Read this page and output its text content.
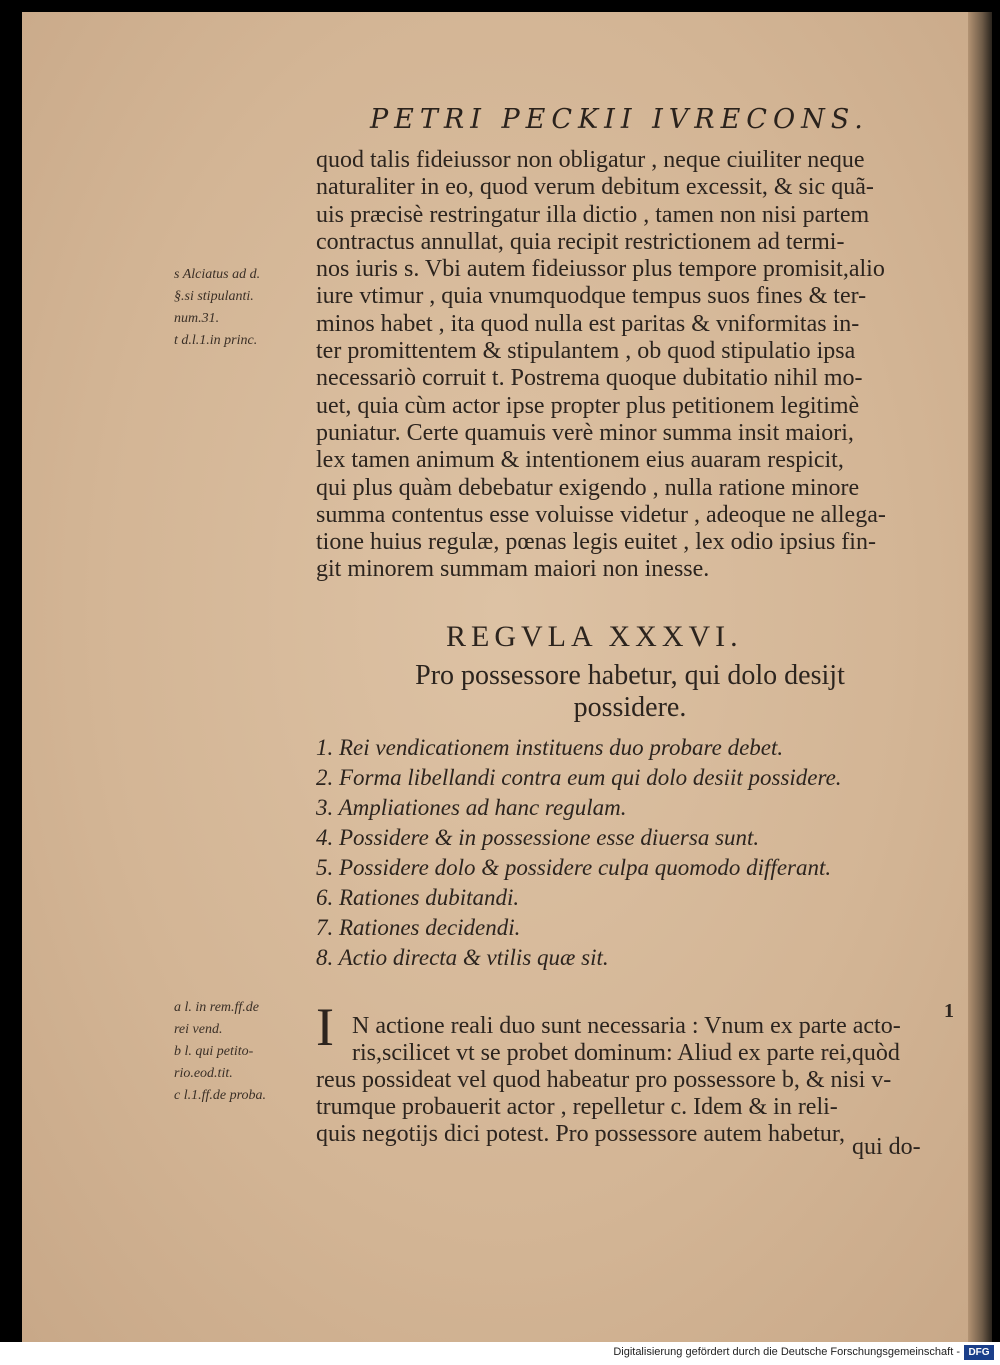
PETRI PECKII IVRECONS.
quod talis fideiussor non obligatur , neque ciuiliter neque
naturaliter in eo, quod verum debitum excessit, & sic quã-
uis præcisè restringatur illa dictio , tamen non nisi partem
contractus annullat, quia recipit restrictionem ad termi-
nos iuris s. Vbi autem fideiussor plus tempore promisit,alio
iure vtimur , quia vnumquodque tempus suos fines & ter-
minos habet , ita quod nulla est paritas & vniformitas in-
ter promittentem & stipulantem , ob quod stipulatio ipsa
necessariò corruit t. Postrema quoque dubitatio nihil mo-
uet, quia cùm actor ipse propter plus petitionem legitimè
puniatur. Certe quamuis verè minor summa insit maiori,
lex tamen animum & intentionem eius auaram respicit,
qui plus quàm debebatur exigendo , nulla ratione minore
summa contentus esse voluisse videtur , adeoque ne allega-
tione huius regulæ, pœnas legis euitet , lex odio ipsius fin-
git minorem summam maiori non inesse.
s Alciatus ad d.
§.si stipulanti.
num.31.
t d.l.1.in princ.
REGVLA XXXVI.
Pro possessore habetur, qui dolo desijt
possidere.
1. Rei vendicationem instituens duo probare debet.
2. Forma libellandi contra eum qui dolo desiit possidere.
3. Ampliationes ad hanc regulam.
4. Possidere & in possessione esse diuersa sunt.
5. Possidere dolo & possidere culpa quomodo differant.
6. Rationes dubitandi.
7. Rationes decidendi.
8. Actio directa & vtilis quæ sit.
a l. in rem.ff.de
rei vend.
b l. qui petito-
rio.eod.tit.
c l.1.ff.de proba.
I N actione reali duo sunt necessaria : Vnum ex parte acto-
ris,scilicet vt se probet dominum: Aliud ex parte rei,quòd
reus possideat vel quod habeatur pro possessore b, & nisi v-
trumque probauerit actor , repelletur c. Idem & in reli-
quis negotijs dici potest. Pro possessore autem habetur, qui do-
1
Digitalisierung gefördert durch die Deutsche Forschungsgemeinschaft - DFG
